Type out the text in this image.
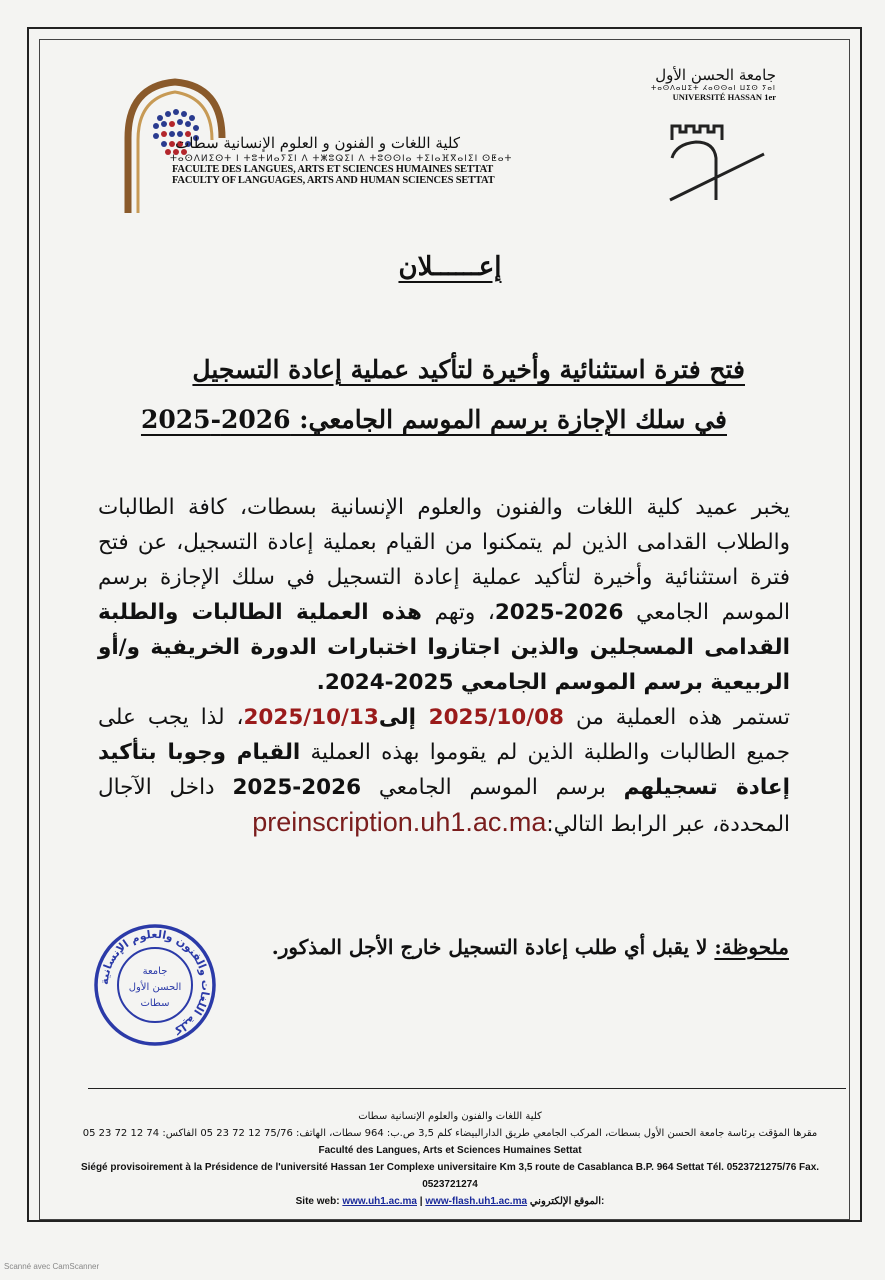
كلية اللغات و الفنون و العلوم الإنسانية سطات
ⵜⴰⵙⴷⵍⵉⵙⵜ ⵏ ⵜⵓⵜⵍⴰⵢⵉⵏ ⴷ ⵜⵥⵓⵕⵉⵏ ⴷ ⵜⵓⵙⵙⵏⴰ ⵜⵉⵏⴰⴼⴳⴰⵏⵉⵏ ⵙⵟⴰⵜ
FACULTE DES LANGUES, ARTS ET SCIENCES HUMAINES SETTAT
FACULTY OF LANGUAGES, ARTS AND HUMAN SCIENCES SETTAT
جامعة الحسن الأول
ⵜⴰⵙⴷⴰⵡⵉⵜ ⵃⴰⵙⵙⴰⵏ ⵡⵉⵙ ⵢⴰⵏ
UNIVERSITÉ HASSAN 1er
إعــــــلان
فتح فترة استثنائية وأخيرة لتأكيد عملية إعادة التسجيل
في سلك الإجازة برسم الموسم الجامعي: 2026-2025

يخبر عميد كلية اللغات والفنون والعلوم الإنسانية بسطات، كافة الطالبات والطلاب القدامى الذين لم يتمكنوا من القيام بعملية إعادة التسجيل، عن فتح فترة استثنائية وأخيرة لتأكيد عملية إعادة التسجيل في سلك الإجازة برسم الموسم الجامعي 2026-2025، وتهم هذه العملية الطالبات والطلبة القدامى المسجلين والذين اجتازوا اختبارات الدورة الخريفية و/أو الربيعية برسم الموسم الجامعي 2025-2024.

تستمر هذه العملية من 2025/10/08 إلى2025/10/13، لذا يجب على جميع الطالبات والطلبة الذين لم يقوموا بهذه العملية القيام وجوبا بتأكيد إعادة تسجيلهم برسم الموسم الجامعي 2026-2025 داخل الآجال المحددة، عبر الرابط التالي:preinscription.uh1.ac.ma

ملحوظة: لا يقبل أي طلب إعادة التسجيل خارج الأجل المذكور.
كلية اللغات والفنون والعلوم الإنسانية
جامعة
الحسن الأول
سطات
كلية اللغات والفنون والعلوم الإنسانية سطات
مقرها المؤقت برئاسة جامعة الحسن الأول بسطات، المركب الجامعي طريق الدارالبيضاء كلم 3,5 ص.ب: 964 سطات، الهاتف: 75/76 12 72 23 05 الفاكس: 74 12 72 23 05
Faculté des Langues, Arts et Sciences Humaines Settat
Siégé provisoirement à la Présidence de l'université Hassan 1er Complexe universitaire Km 3,5 route de Casablanca B.P. 964 Settat Tél. 0523721275/76 Fax. 0523721274
Site web: www.uh1.ac.ma | www-flash.uh1.ac.ma الموقع الإلكتروني:
Scanné avec CamScanner
